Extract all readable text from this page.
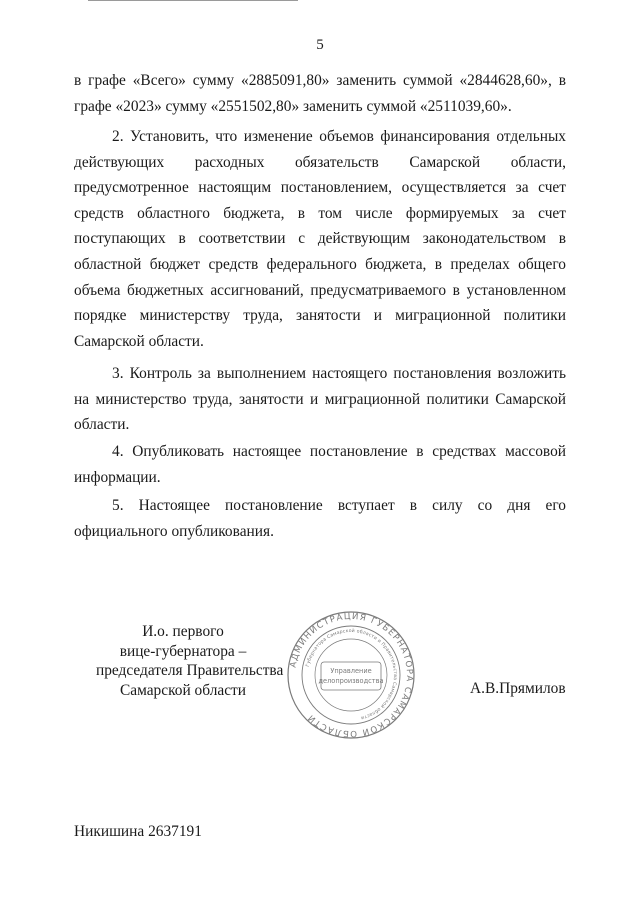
5

в графе «Всего» сумму «2885091,80» заменить суммой «2844628,60», в графе «2023» сумму «2551502,80» заменить суммой «2511039,60».

2. Установить, что изменение объемов финансирования отдельных действующих расходных обязательств Самарской области, предусмотренное настоящим постановлением, осуществляется за счет средств областного бюджета, в том числе формируемых за счет поступающих в соответствии с действующим законодательством в областной бюджет средств федерального бюджета, в пределах общего объема бюджетных ассигнований, предусматриваемого в установленном порядке министерству труда, занятости и миграционной политики Самарской области.

3. Контроль за выполнением настоящего постановления возложить на министерство труда, занятости и миграционной политики Самарской области.

4. Опубликовать настоящее постановление в средствах массовой информации.

5. Настоящее постановление вступает в силу со дня его официального опубликования.

И.о. первого
вице-губернатора –
председателя Правительства
Самарской области
АДМИНИСТРАЦИЯ ГУБЕРНАТОРА САМАРСКОЙ ОБЛАСТИ
Губернатора Самарской области и Правительства Самарской области
Управление
делопроизводства	А.В.Прямилов
Никишина 2637191
